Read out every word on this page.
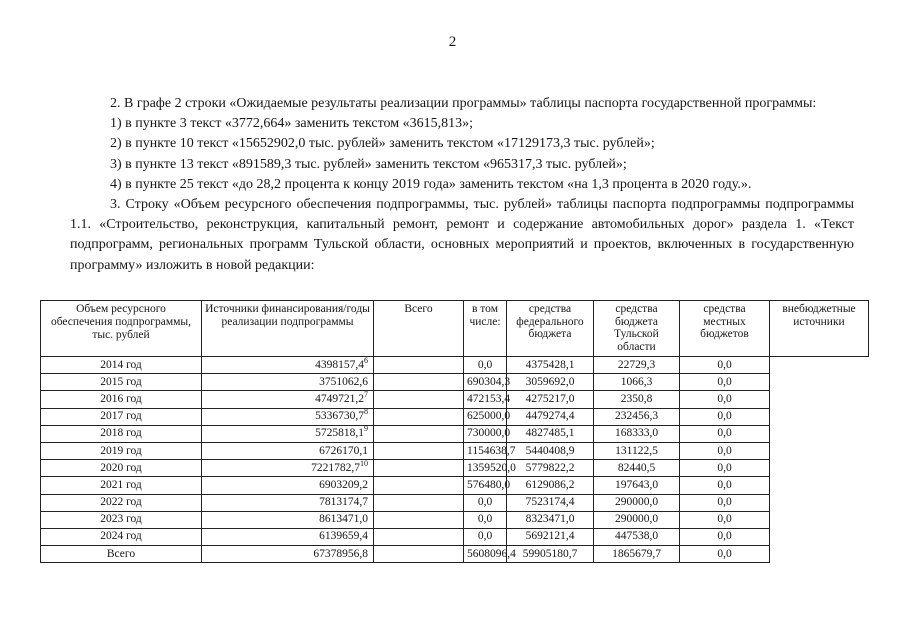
2

2. В графе 2 строки «Ожидаемые результаты реализации программы» таблицы паспорта государственной программы:

1) в пункте 3 текст «3772,664» заменить текстом «3615,813»;

2) в пункте 10 текст «15652902,0 тыс. рублей» заменить текстом «17129173,3 тыс. рублей»;

3) в пункте 13 текст «891589,3 тыс. рублей» заменить текстом «965317,3 тыс. рублей»;

4) в пункте 25 текст «до 28,2 процента к концу 2019 года» заменить текстом «на 1,3 процента в 2020 году.».

3. Строку «Объем ресурсного обеспечения подпрограммы, тыс. рублей» таблицы паспорта подпрограммы подпрограммы 1.1. «Строительство, реконструкция, капитальный ремонт, ремонт и содержание автомобильных дорог» раздела 1. «Текст подпрограмм, региональных программ Тульской области, основных мероприятий и проектов, включенных в государственную программу» изложить в новой редакции:

Объем ресурсного обеспечения подпрограммы, тыс. рублей	Источники финансирования/годы реализации подпрограммы	Всего	в том числе:	средства федерального бюджета	средства бюджета Тульской области	средства местных бюджетов	внебюджетные источники
2014 год	4398157,4$^6$		0,0	4375428,1	22729,3	0,0	
2015 год	3751062,6		690304,3	3059692,0	1066,3	0,0	
2016 год	4749721,2$^7$		472153,4	4275217,0	2350,8	0,0	
2017 год	5336730,7$^8$		625000,0	4479274,4	232456,3	0,0	
2018 год	5725818,1$^9$		730000,0	4827485,1	168333,0	0,0	
2019 год	6726170,1		1154638,7	5440408,9	131122,5	0,0	
2020 год	7221782,7$^{10}$		1359520,0	5779822,2	82440,5	0,0	
2021 год	6903209,2		576480,0	6129086,2	197643,0	0,0	
2022 год	7813174,7		0,0	7523174,4	290000,0	0,0	
2023 год	8613471,0		0,0	8323471,0	290000,0	0,0	
2024 год	6139659,4		0,0	5692121,4	447538,0	0,0	
Всего	67378956,8		5608096,4	59905180,7	1865679,7	0,0	
